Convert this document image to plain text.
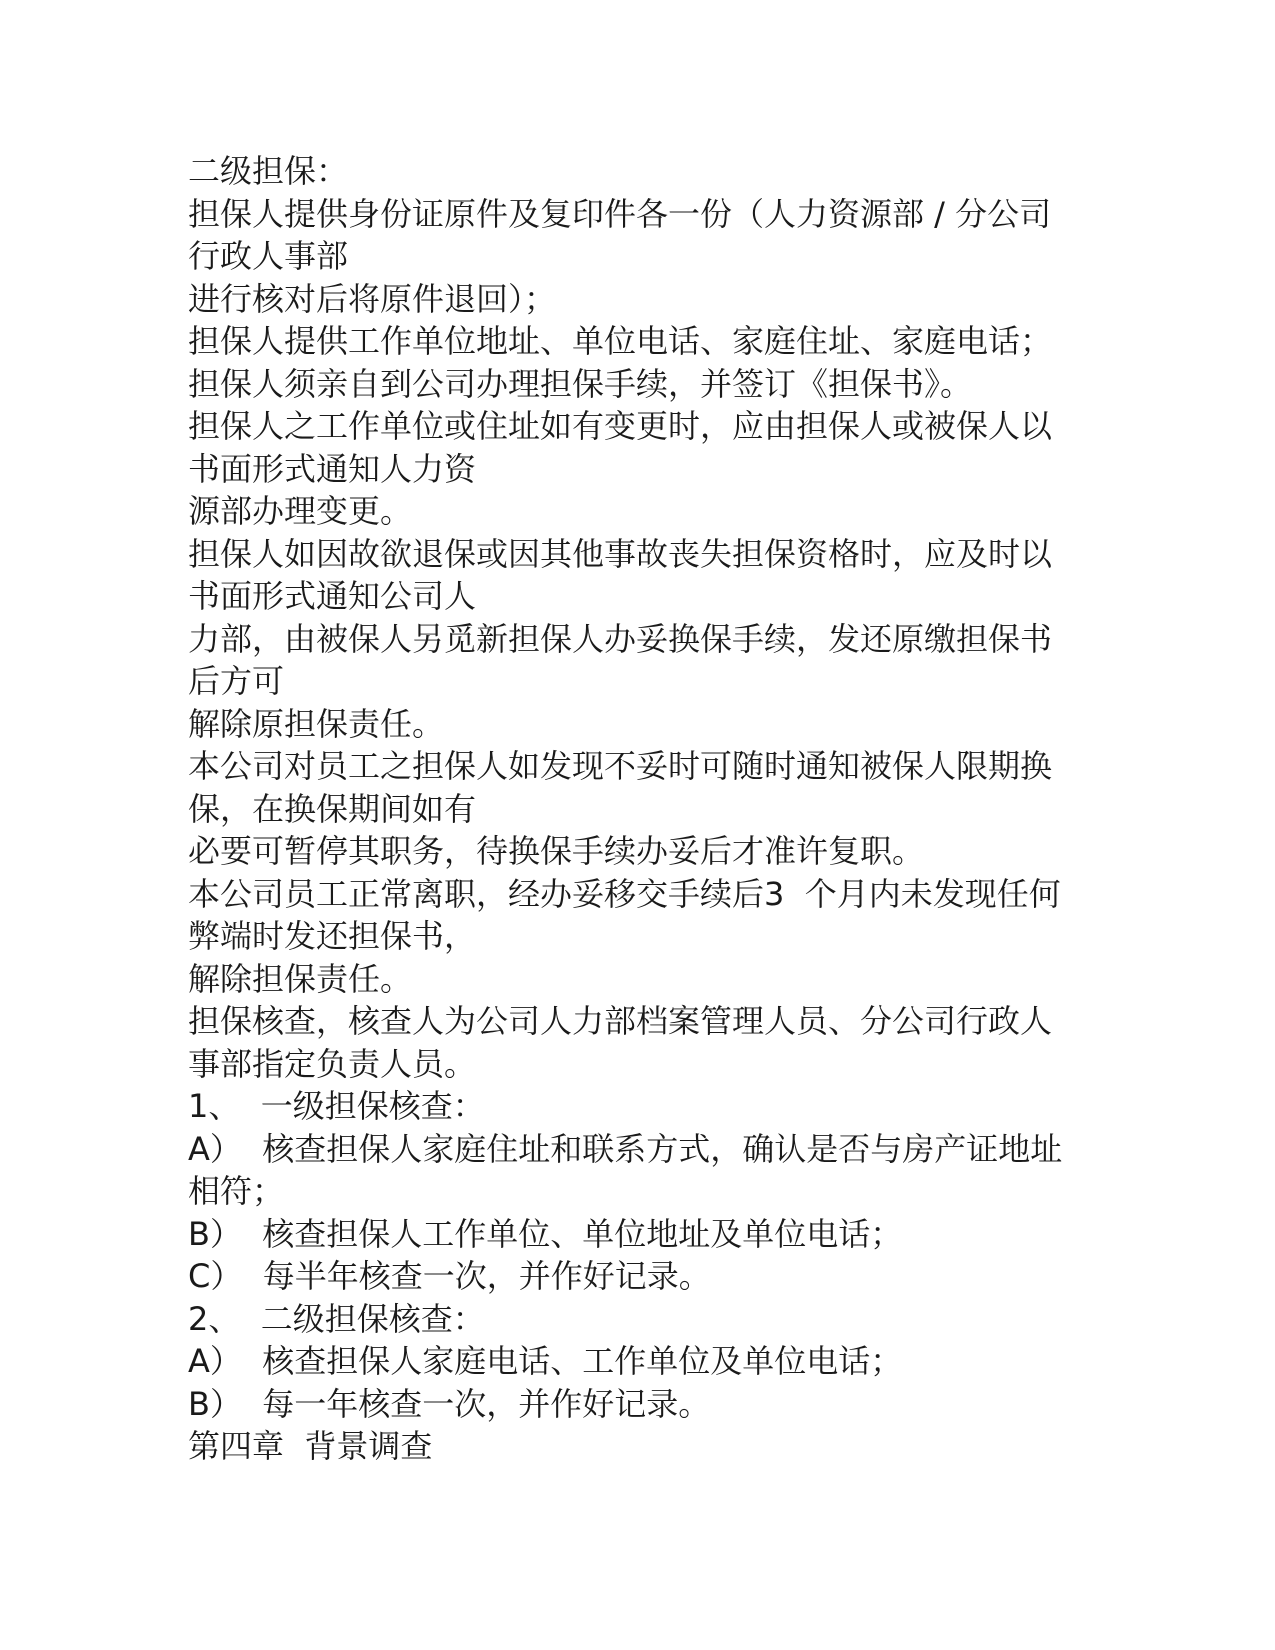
二级担保：
担保人提供身份证原件及复印件各一份（人力资源部 / 分公司
行政人事部
进行核对后将原件退回）；
担保人提供工作单位地址、单位电话、家庭住址、家庭电话；
担保人须亲自到公司办理担保手续，并签订《担保书》。
担保人之工作单位或住址如有变更时，应由担保人或被保人以
书面形式通知人力资
源部办理变更。
担保人如因故欲退保或因其他事故丧失担保资格时，应及时以
书面形式通知公司人
力部，由被保人另觅新担保人办妥换保手续，发还原缴担保书
后方可
解除原担保责任。
本公司对员工之担保人如发现不妥时可随时通知被保人限期换
保，在换保期间如有
必要可暂停其职务，待换保手续办妥后才准许复职。
本公司员工正常离职，经办妥移交手续后3  个月内未发现任何
弊端时发还担保书，
解除担保责任。
担保核查，核查人为公司人力部档案管理人员、分公司行政人
事部指定负责人员。
1、  一级担保核查：
A）  核查担保人家庭住址和联系方式，确认是否与房产证地址
相符；
B）  核查担保人工作单位、单位地址及单位电话；
C）  每半年核查一次，并作好记录。
2、  二级担保核查：
A）  核查担保人家庭电话、工作单位及单位电话；
B）  每一年核查一次，并作好记录。
第四章  背景调查
